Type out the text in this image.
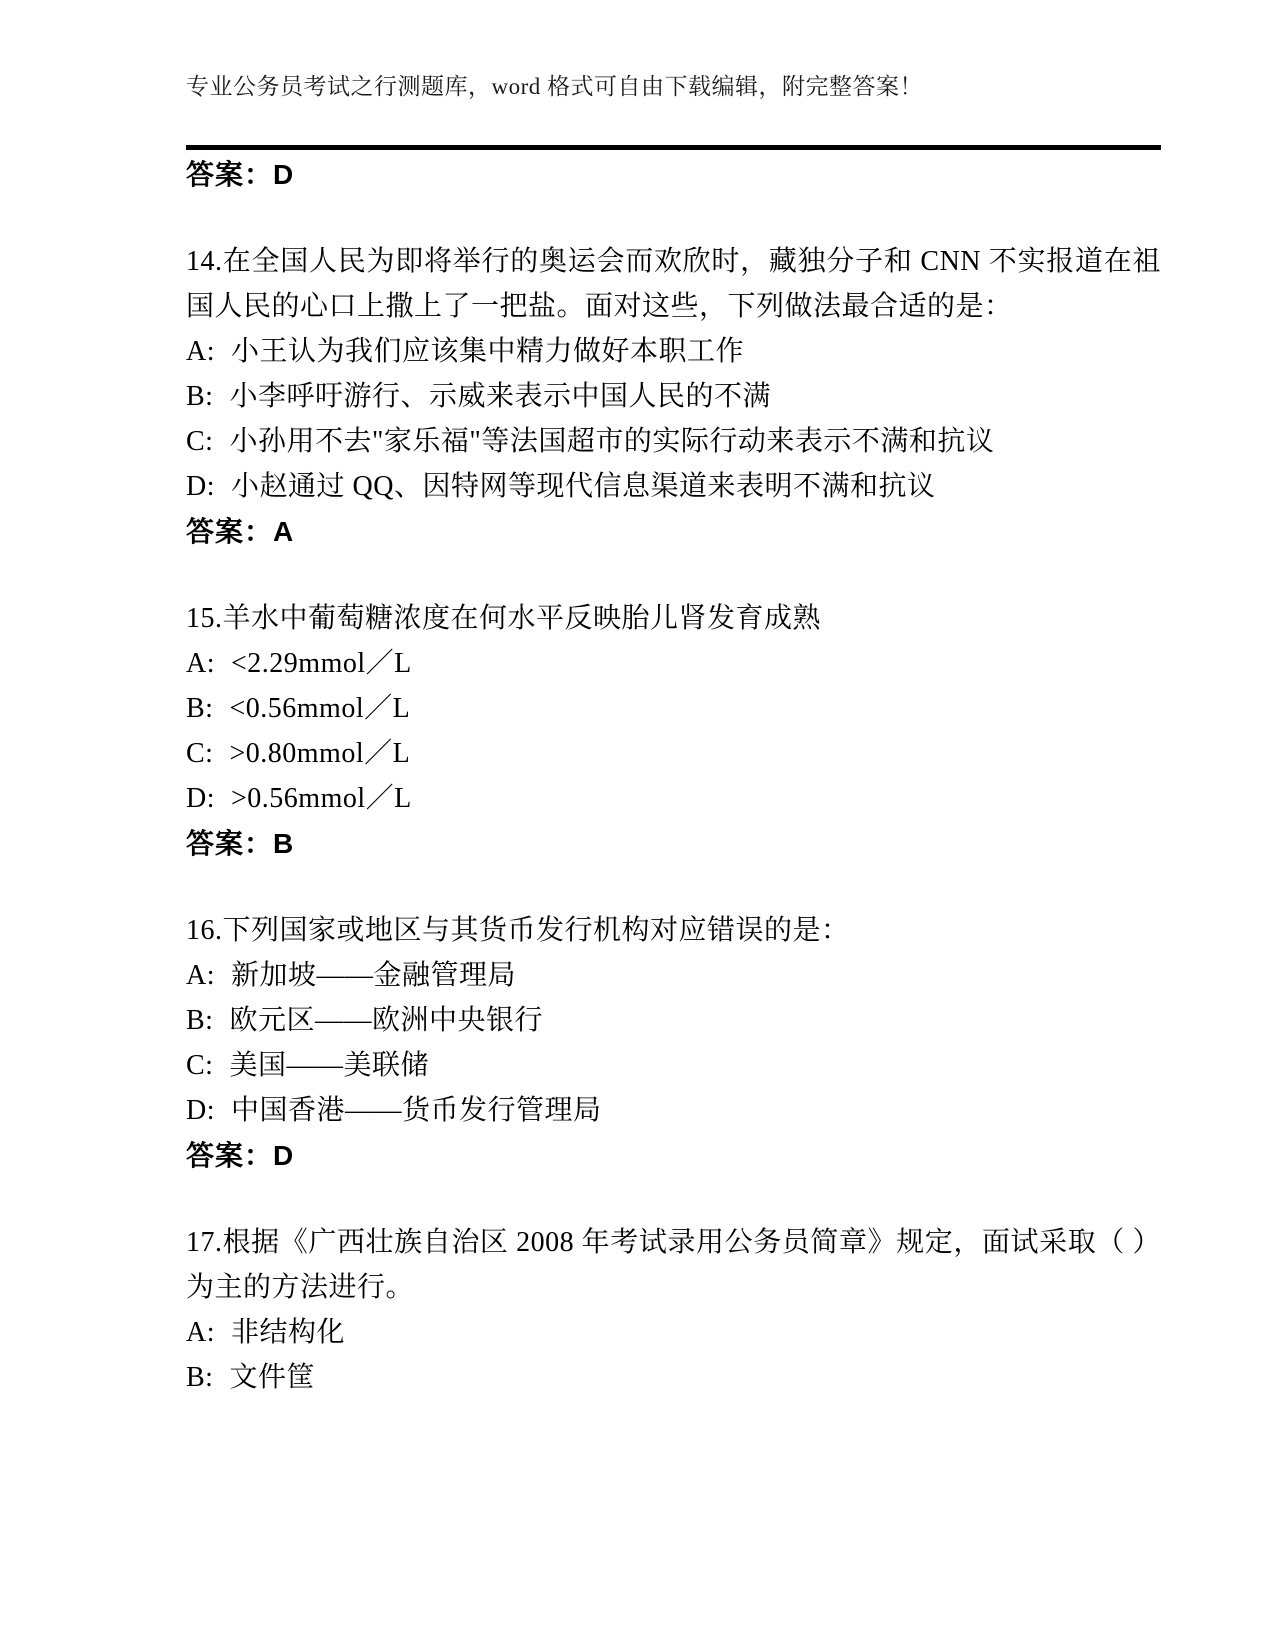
专业公务员考试之行测题库，word 格式可自由下载编辑，附完整答案！

答案：D

14.在全国人民为即将举行的奥运会而欢欣时，藏独分子和 CNN 不实报道在祖国人民的心口上撒上了一把盐。面对这些，下列做法最合适的是：

A: 小王认为我们应该集中精力做好本职工作

B: 小李呼吁游行、示威来表示中国人民的不满

C: 小孙用不去"家乐福"等法国超市的实际行动来表示不满和抗议

D: 小赵通过 QQ、因特网等现代信息渠道来表明不满和抗议

答案：A

15.羊水中葡萄糖浓度在何水平反映胎儿肾发育成熟

A: <2.29mmol／L

B: <0.56mmol／L

C: >0.80mmol／L

D: >0.56mmol／L

答案：B

16.下列国家或地区与其货币发行机构对应错误的是：

A: 新加坡——金融管理局

B: 欧元区——欧洲中央银行

C: 美国——美联储

D: 中国香港——货币发行管理局

答案：D

17.根据《广西壮族自治区 2008 年考试录用公务员简章》规定，面试采取（ ）为主的方法进行。

A: 非结构化

B: 文件筐
